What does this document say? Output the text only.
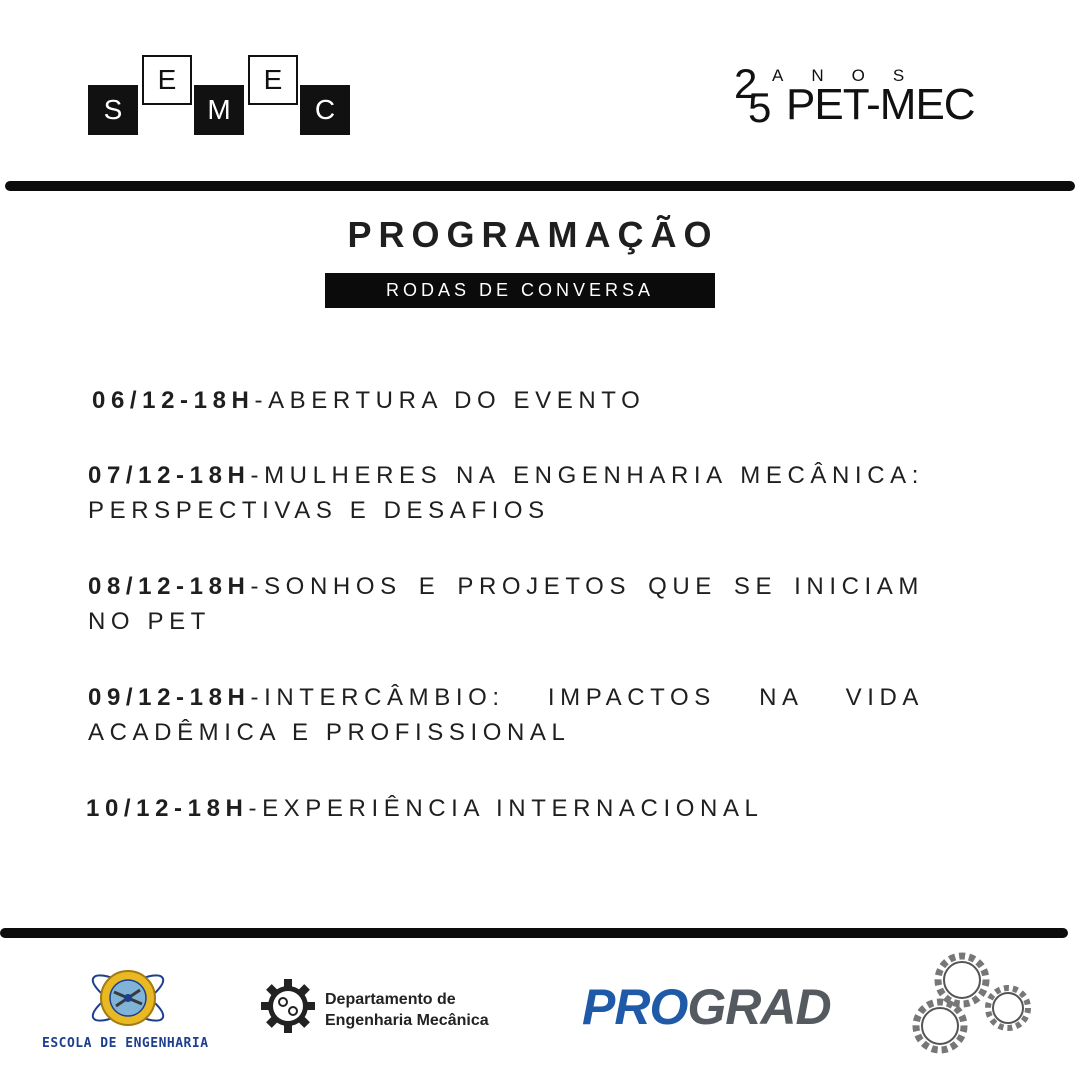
S
E
M
E
C
2
5
ANOS
PET-MEC
PROGRAMAÇÃO
RODAS DE CONVERSA
06/12-18H-ABERTURA DO EVENTO
07/12-18H-MULHERES NA ENGENHARIA MECÂNICA: PERSPECTIVAS E DESAFIOS
08/12-18H-SONHOS E PROJETOS QUE SE INICIAM NO PET
09/12-18H-INTERCÂMBIO: IMPACTOS NA VIDA ACADÊMICA E PROFISSIONAL
10/12-18H-EXPERIÊNCIA INTERNACIONAL
ESCOLA DE ENGENHARIA
Departamento de
Engenharia Mecânica PROGRAD
